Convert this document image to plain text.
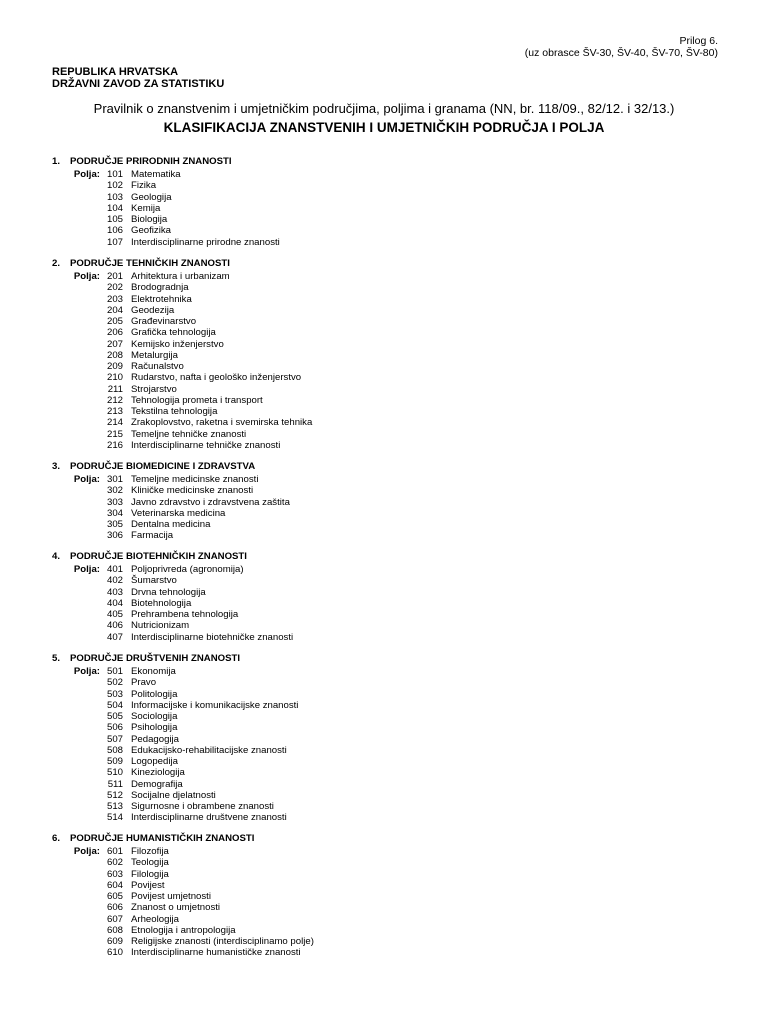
Prilog 6.
(uz obrasce ŠV-30, ŠV-40, ŠV-70, ŠV-80)
REPUBLIKA HRVATSKA
DRŽAVNI ZAVOD ZA STATISTIKU
Pravilnik o znanstvenim i umjetničkim područjima, poljima i granama (NN, br. 118/09., 82/12. i 32/13.)
KLASIFIKACIJA ZNANSTVENIH I UMJETNIČKIH PODRUČJA I POLJA
1. PODRUČJE PRIRODNIH ZNANOSTI
Polja: 101 Matematika
102 Fizika
103 Geologija
104 Kemija
105 Biologija
106 Geofizika
107 Interdisciplinarne prirodne znanosti
2. PODRUČJE TEHNIČKIH ZNANOSTI
Polja: 201 Arhitektura i urbanizam
202 Brodogradnja
203 Elektrotehnika
204 Geodezija
205 Građevinarstvo
206 Grafička tehnologija
207 Kemijsko inženjerstvo
208 Metalurgija
209 Računalstvo
210 Rudarstvo, nafta i geološko inženjerstvo
211 Strojarstvo
212 Tehnologija prometa i transport
213 Tekstilna tehnologija
214 Zrakoplovstvo, raketna i svemirska tehnika
215 Temeljne tehničke znanosti
216 Interdisciplinarne tehničke znanosti
3. PODRUČJE BIOMEDICINE I ZDRAVSTVA
Polja: 301 Temeljne medicinske znanosti
302 Kliničke medicinske znanosti
303 Javno zdravstvo i zdravstvena zaštita
304 Veterinarska medicina
305 Dentalna medicina
306 Farmacija
4. PODRUČJE BIOTEHNIČKIH ZNANOSTI
Polja: 401 Poljoprivreda (agronomija)
402 Šumarstvo
403 Drvna tehnologija
404 Biotehnologija
405 Prehrambena tehnologija
406 Nutricionizam
407 Interdisciplinarne biotehničke znanosti
5. PODRUČJE DRUŠTVENIH ZNANOSTI
Polja: 501 Ekonomija
502 Pravo
503 Politologija
504 Informacijske i komunikacijske znanosti
505 Sociologija
506 Psihologija
507 Pedagogija
508 Edukacijsko-rehabilitacijske znanosti
509 Logopedija
510 Kineziologija
511 Demografija
512 Socijalne djelatnosti
513 Sigurnosne i obrambene znanosti
514 Interdisciplinarne društvene znanosti
6. PODRUČJE HUMANISTIČKIH ZNANOSTI
Polja: 601 Filozofija
602 Teologija
603 Filologija
604 Povijest
605 Povijest umjetnosti
606 Znanost o umjetnosti
607 Arheologija
608 Etnologija i antropologija
609 Religijske znanosti (interdisciplinamo polje)
610 Interdisciplinarne humanističke znanosti
